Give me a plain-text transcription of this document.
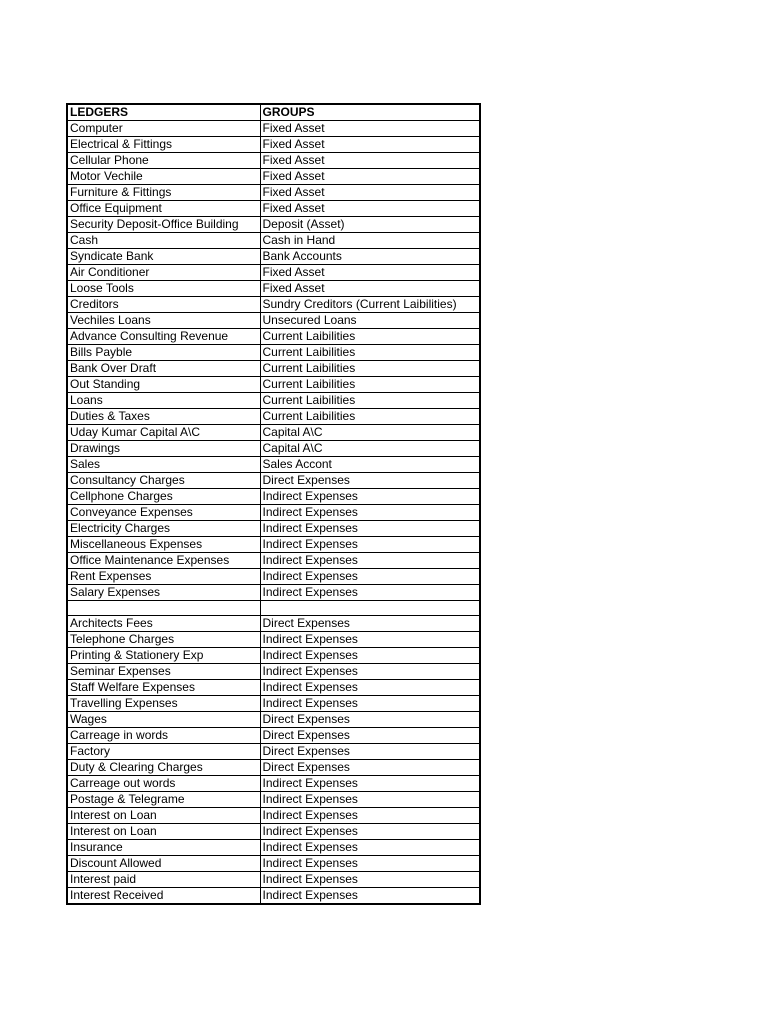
LEDGERS	GROUPS
Computer	Fixed Asset
Electrical & Fittings	Fixed Asset
Cellular Phone	Fixed Asset
Motor Vechile	Fixed Asset
Furniture & Fittings	Fixed Asset
Office Equipment	Fixed Asset
Security Deposit-Office Building	Deposit (Asset)
Cash	Cash in Hand
Syndicate Bank	Bank Accounts
Air Conditioner	Fixed Asset
Loose Tools	Fixed Asset
Creditors	Sundry Creditors (Current Laibilities)
Vechiles Loans	Unsecured Loans
Advance Consulting Revenue	Current Laibilities
Bills Payble	Current Laibilities
Bank Over Draft	Current Laibilities
Out Standing	Current Laibilities
Loans	Current Laibilities
Duties & Taxes	Current Laibilities
Uday Kumar Capital A\C	Capital A\C
Drawings	Capital A\C
Sales	Sales Accont
Consultancy Charges	Direct Expenses
Cellphone Charges	Indirect Expenses
Conveyance Expenses	Indirect Expenses
Electricity Charges	Indirect Expenses
Miscellaneous Expenses	Indirect Expenses
Office Maintenance Expenses	Indirect Expenses
Rent Expenses	Indirect Expenses
Salary Expenses	Indirect Expenses

Architects Fees	Direct Expenses
Telephone Charges	Indirect Expenses
Printing & Stationery Exp	Indirect Expenses
Seminar Expenses	Indirect Expenses
Staff Welfare Expenses	Indirect Expenses
Travelling Expenses	Indirect Expenses
Wages	Direct Expenses
Carreage in words	Direct Expenses
Factory	Direct Expenses
Duty & Clearing Charges	Direct Expenses
Carreage out words	Indirect Expenses
Postage & Telegrame	Indirect Expenses
Interest on Loan	Indirect Expenses
Interest on Loan	Indirect Expenses
Insurance	Indirect Expenses
Discount Allowed	Indirect Expenses
Interest paid	Indirect Expenses
Interest Received	Indirect Expenses
